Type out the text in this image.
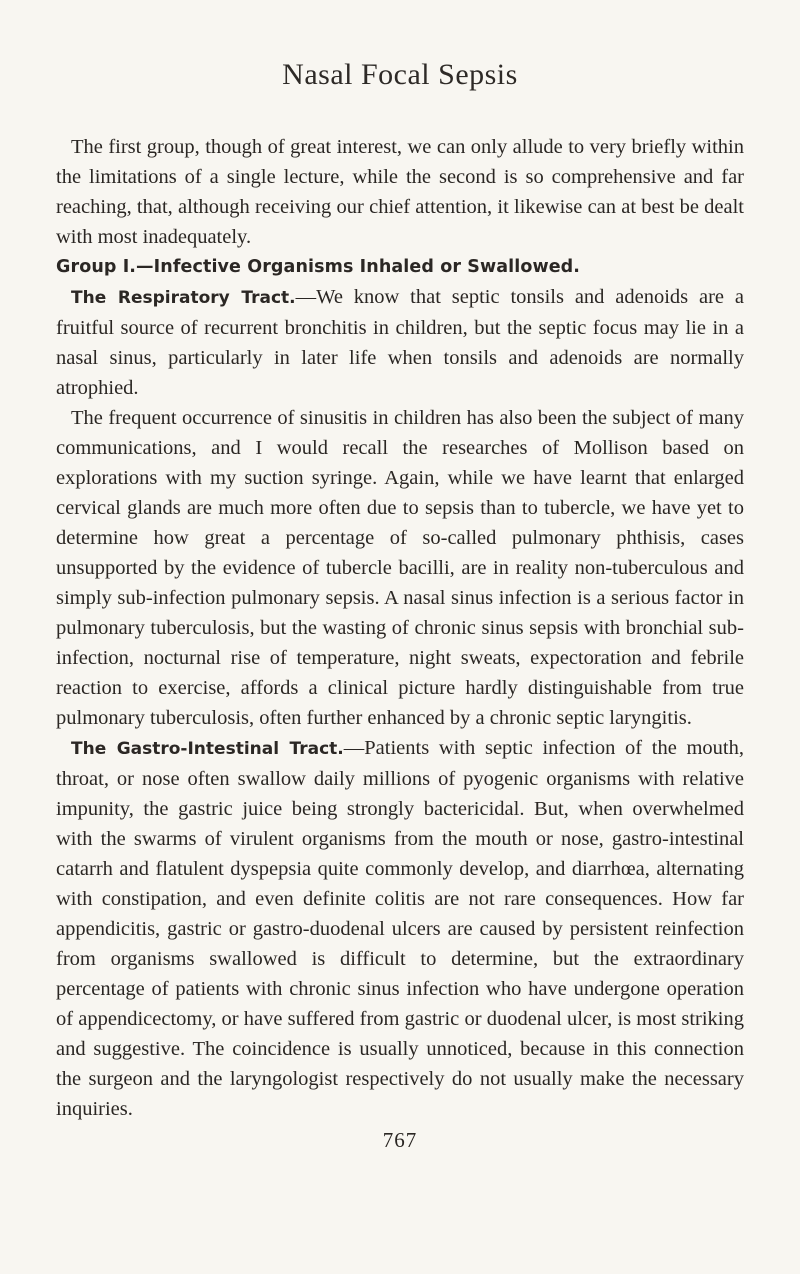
Nasal Focal Sepsis

The first group, though of great interest, we can only allude to very briefly within the limitations of a single lecture, while the second is so comprehensive and far reaching, that, although receiving our chief attention, it likewise can at best be dealt with most inadequately.

Group I.—Infective Organisms Inhaled or Swallowed.

The Respiratory Tract.—We know that septic tonsils and adenoids are a fruitful source of recurrent bronchitis in children, but the septic focus may lie in a nasal sinus, particularly in later life when tonsils and adenoids are normally atrophied.

The frequent occurrence of sinusitis in children has also been the subject of many communications, and I would recall the researches of Mollison based on explorations with my suction syringe. Again, while we have learnt that enlarged cervical glands are much more often due to sepsis than to tubercle, we have yet to determine how great a percentage of so-called pulmonary phthisis, cases unsupported by the evidence of tubercle bacilli, are in reality non-tuberculous and simply sub-infection pulmonary sepsis. A nasal sinus infection is a serious factor in pulmonary tuberculosis, but the wasting of chronic sinus sepsis with bronchial sub-infection, nocturnal rise of temperature, night sweats, expectoration and febrile reaction to exercise, affords a clinical picture hardly distinguishable from true pulmonary tuberculosis, often further enhanced by a chronic septic laryngitis.

The Gastro-Intestinal Tract.—Patients with septic infection of the mouth, throat, or nose often swallow daily millions of pyogenic organisms with relative impunity, the gastric juice being strongly bactericidal. But, when overwhelmed with the swarms of virulent organisms from the mouth or nose, gastro-intestinal catarrh and flatulent dyspepsia quite commonly develop, and diarrhœa, alternating with constipation, and even definite colitis are not rare consequences. How far appendicitis, gastric or gastro-duodenal ulcers are caused by persistent reinfection from organisms swallowed is difficult to determine, but the extraordinary percentage of patients with chronic sinus infection who have undergone operation of appendicectomy, or have suffered from gastric or duodenal ulcer, is most striking and suggestive. The coincidence is usually unnoticed, because in this connection the surgeon and the laryngologist respectively do not usually make the necessary inquiries.

767
